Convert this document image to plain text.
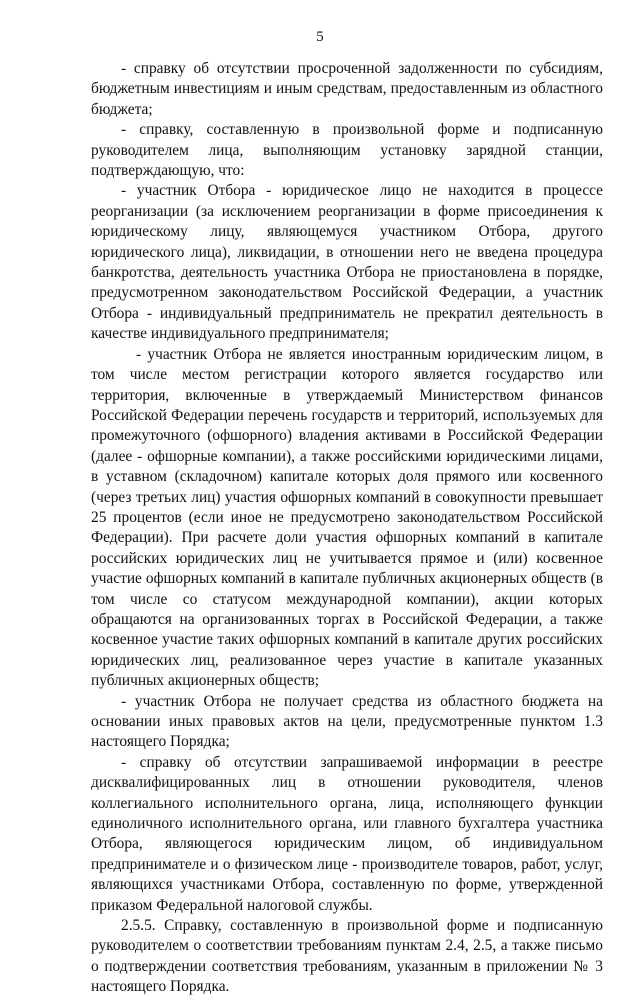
5

- справку об отсутствии просроченной задолженности по субсидиям, бюджетным инвестициям и иным средствам, предоставленным из областного бюджета;

- справку, составленную в произвольной форме и подписанную руководителем лица, выполняющим установку зарядной станции, подтверждающую, что:

- участник Отбора - юридическое лицо не находится в процессе реорганизации (за исключением реорганизации в форме присоединения к юридическому лицу, являющемуся участником Отбора, другого юридического лица), ликвидации, в отношении него не введена процедура банкротства, деятельность участника Отбора не приостановлена в порядке, предусмотренном законодательством Российской Федерации, а участник Отбора - индивидуальный предприниматель не прекратил деятельность в качестве индивидуального предпринимателя;

- участник Отбора не является иностранным юридическим лицом, в том числе местом регистрации которого является государство или территория, включенные в утверждаемый Министерством финансов Российской Федерации перечень государств и территорий, используемых для промежуточного (офшорного) владения активами в Российской Федерации (далее - офшорные компании), а также российскими юридическими лицами, в уставном (складочном) капитале которых доля прямого или косвенного (через третьих лиц) участия офшорных компаний в совокупности превышает 25 процентов (если иное не предусмотрено законодательством Российской Федерации). При расчете доли участия офшорных компаний в капитале российских юридических лиц не учитывается прямое и (или) косвенное участие офшорных компаний в капитале публичных акционерных обществ (в том числе со статусом международной компании), акции которых обращаются на организованных торгах в Российской Федерации, а также косвенное участие таких офшорных компаний в капитале других российских юридических лиц, реализованное через участие в капитале указанных публичных акционерных обществ;

- участник Отбора не получает средства из областного бюджета на основании иных правовых актов на цели, предусмотренные пунктом 1.3 настоящего Порядка;

- справку об отсутствии запрашиваемой информации в реестре дисквалифицированных лиц в отношении руководителя, членов коллегиального исполнительного органа, лица, исполняющего функции единоличного исполнительного органа, или главного бухгалтера участника Отбора, являющегося юридическим лицом, об индивидуальном предпринимателе и о физическом лице - производителе товаров, работ, услуг, являющихся участниками Отбора, составленную по форме, утвержденной приказом Федеральной налоговой службы.

2.5.5. Справку, составленную в произвольной форме и подписанную руководителем о соответствии требованиям пунктам 2.4, 2.5, а также письмо о подтверждении соответствия требованиям, указанным в приложении № 3 настоящего Порядка.
